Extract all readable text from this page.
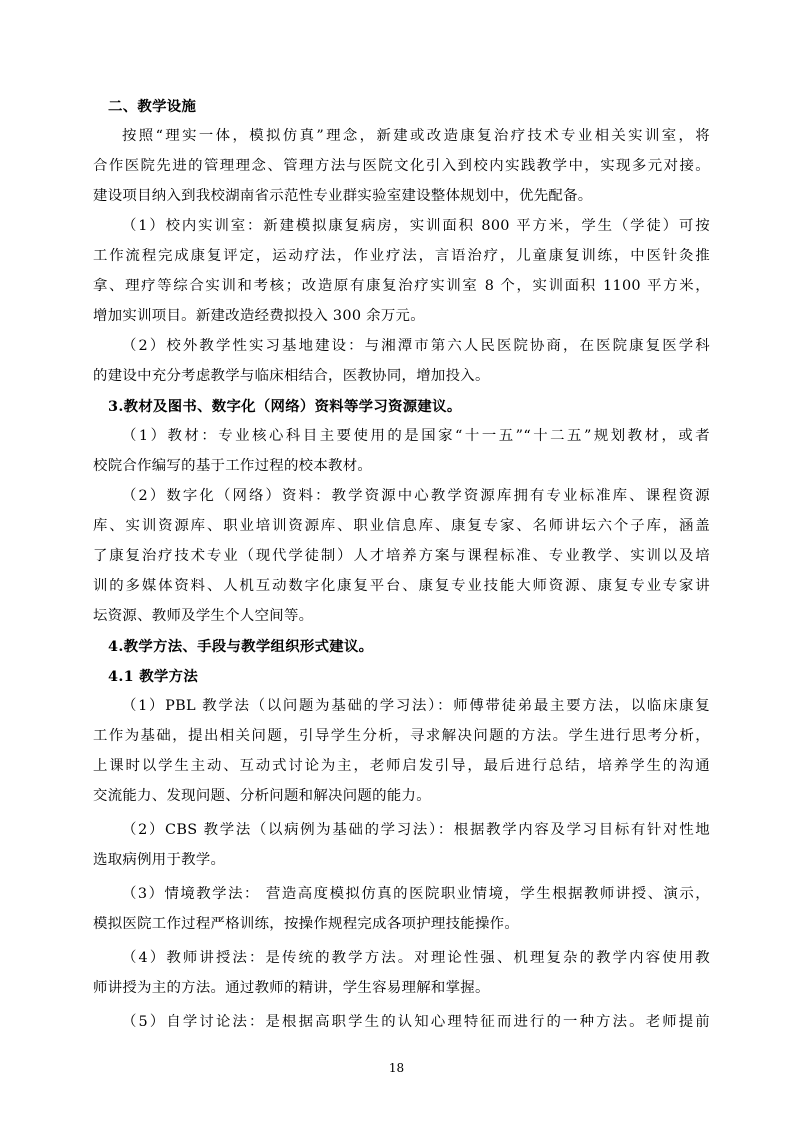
二、教学设施
按照“理实一体，模拟仿真”理念，新建或改造康复治疗技术专业相关实训室，将
合作医院先进的管理理念、管理方法与医院文化引入到校内实践教学中，实现多元对接。
建设项目纳入到我校湖南省示范性专业群实验室建设整体规划中，优先配备。
（1）校内实训室：新建模拟康复病房，实训面积 800 平方米，学生（学徒）可按
工作流程完成康复评定，运动疗法，作业疗法，言语治疗，儿童康复训练，中医针灸推
拿、理疗等综合实训和考核；改造原有康复治疗实训室 8 个，实训面积 1100 平方米，
增加实训项目。新建改造经费拟投入 300 余万元。
（2）校外教学性实习基地建设：与湘潭市第六人民医院协商，在医院康复医学科
的建设中充分考虑教学与临床相结合，医教协同，增加投入。
3.教材及图书、数字化（网络）资料等学习资源建议。
（1）教材：专业核心科目主要使用的是国家“十一五”“十二五”规划教材，或者
校院合作编写的基于工作过程的校本教材。
（2）数字化（网络）资料：教学资源中心教学资源库拥有专业标准库、课程资源
库、实训资源库、职业培训资源库、职业信息库、康复专家、名师讲坛六个子库，涵盖
了康复治疗技术专业（现代学徒制）人才培养方案与课程标准、专业教学、实训以及培
训的多媒体资料、人机互动数字化康复平台、康复专业技能大师资源、康复专业专家讲
坛资源、教师及学生个人空间等。
4.教学方法、手段与教学组织形式建议。
4.1 教学方法
（1）PBL 教学法（以问题为基础的学习法）：师傅带徒弟最主要方法，以临床康复
工作为基础，提出相关问题，引导学生分析，寻求解决问题的方法。学生进行思考分析，
上课时以学生主动、互动式讨论为主，老师启发引导，最后进行总结，培养学生的沟通
交流能力、发现问题、分析问题和解决问题的能力。
（2）CBS 教学法（以病例为基础的学习法）：根据教学内容及学习目标有针对性地
选取病例用于教学。
（3）情境教学法： 营造高度模拟仿真的医院职业情境，学生根据教师讲授、演示，
模拟医院工作过程严格训练，按操作规程完成各项护理技能操作。
（4）教师讲授法：是传统的教学方法。对理论性强、机理复杂的教学内容使用教
师讲授为主的方法。通过教师的精讲，学生容易理解和掌握。
（5）自学讨论法：是根据高职学生的认知心理特征而进行的一种方法。老师提前
18
